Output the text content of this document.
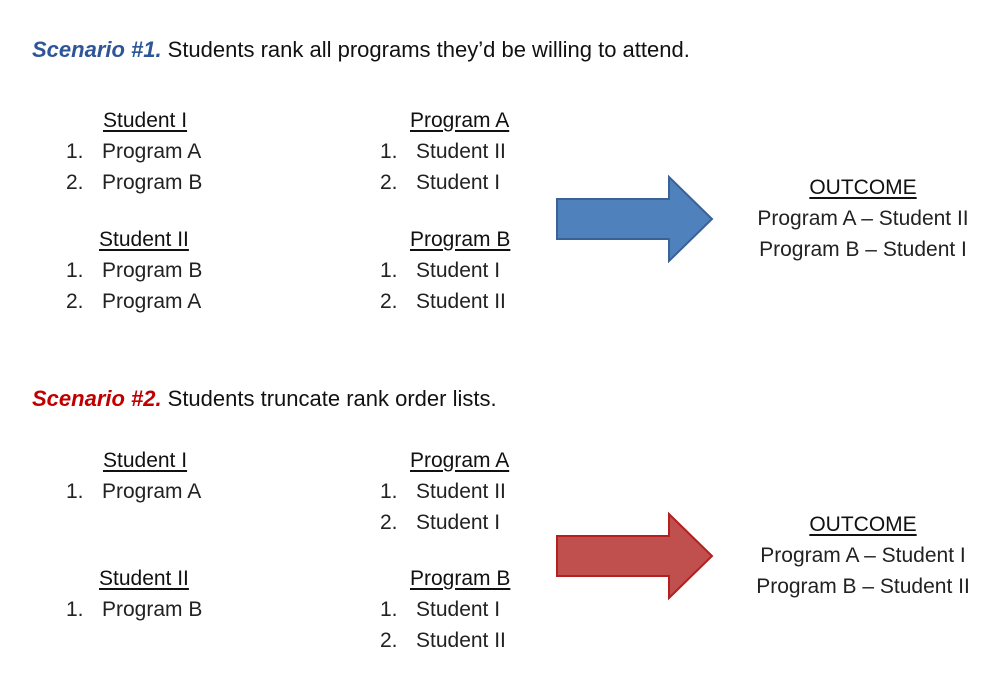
Scenario #1. Students rank all programs they’d be willing to attend.
Student I
1. Program A
2. Program B
Student II
1. Program B
2. Program A
Program A
1. Student II
2. Student I
Program B
1. Student I
2. Student II
OUTCOME
Program A – Student II
Program B – Student I
Scenario #2. Students truncate rank order lists.
Student I
1. Program A
Student II
1. Program B
Program A
1. Student II
2. Student I
Program B
1. Student I
2. Student II
OUTCOME
Program A – Student I
Program B – Student II
